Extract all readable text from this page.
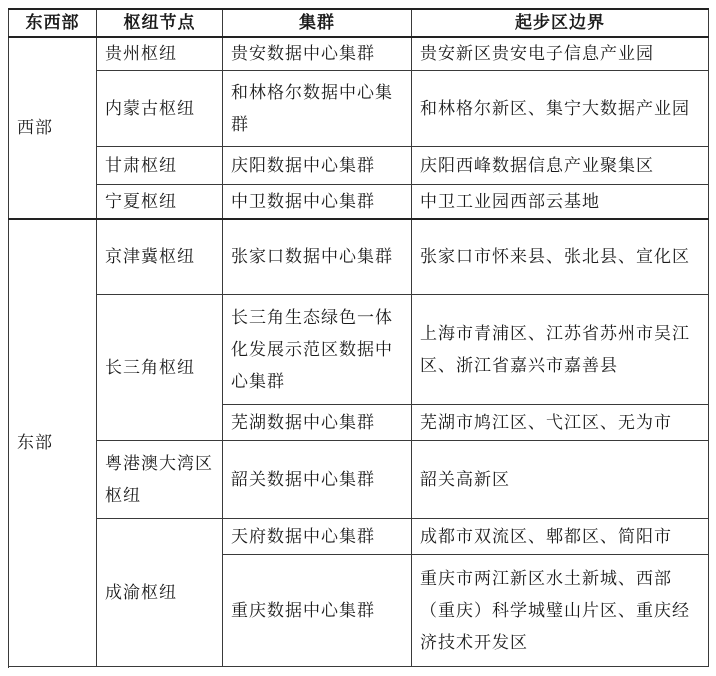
东西部	枢纽节点	集群	起步区边界
西部	贵州枢纽	贵安数据中心集群	贵安新区贵安电子信息产业园
	内蒙古枢纽	和林格尔数据中心集群	和林格尔新区、集宁大数据产业园
	甘肃枢纽	庆阳数据中心集群	庆阳西峰数据信息产业聚集区
	宁夏枢纽	中卫数据中心集群	中卫工业园西部云基地

东部	京津冀枢纽	张家口数据中心集群	张家口市怀来县、张北县、宣化区
	长三角枢纽	长三角生态绿色一体化发展示范区数据中心集群	上海市青浦区、江苏省苏州市吴江区、浙江省嘉兴市嘉善县
		芜湖数据中心集群	芜湖市鸠江区、弋江区、无为市
	粤港澳大湾区枢纽	韶关数据中心集群	韶关高新区
	成渝枢纽	天府数据中心集群	成都市双流区、郫都区、简阳市
		重庆数据中心集群	重庆市两江新区水土新城、西部（重庆）科学城璧山片区、重庆经济技术开发区
